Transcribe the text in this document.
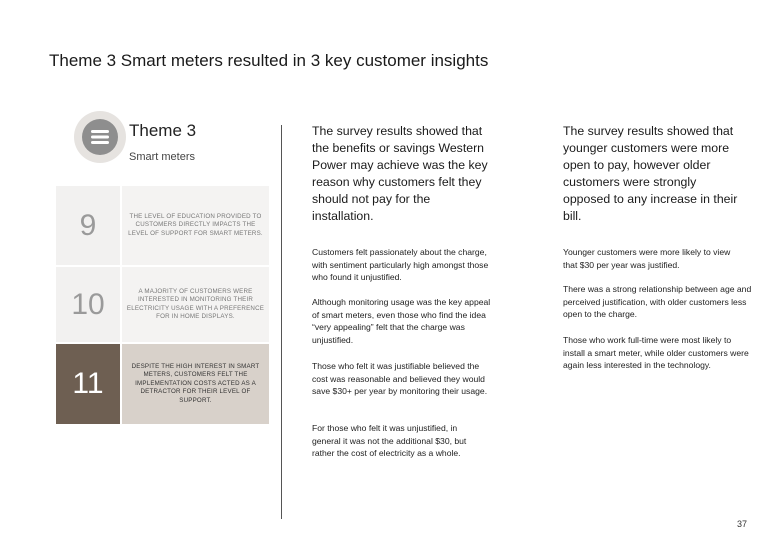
Theme 3 Smart meters resulted in 3 key customer insights
Theme 3
Smart meters
9	THE LEVEL OF EDUCATION PROVIDED TO CUSTOMERS DIRECTLY IMPACTS THE LEVEL OF SUPPORT FOR SMART METERS.
10	A MAJORITY OF CUSTOMERS WERE INTERESTED IN MONITORING THEIR ELECTRICITY USAGE WITH A PREFERENCE FOR IN HOME DISPLAYS.
11
DESPITE THE HIGH INTEREST IN SMART METERS, CUSTOMERS FELT THE IMPLEMENTATION COSTS ACTED AS A DETRACTOR FOR THEIR LEVEL OF SUPPORT.
The survey results showed that the benefits or savings Western Power may achieve was the key reason why customers felt they should not pay for the installation.
Customers felt passionately about the charge, with sentiment particularly high amongst those who found it unjustified.
Although monitoring usage was the key appeal of smart meters, even those who find the idea “very appealing” felt that the charge was unjustified.
Those who felt it was justifiable believed the cost was reasonable and believed they would save $30+ per year by monitoring their usage.
For those who felt it was unjustified, in general it was not the additional $30, but rather the cost of electricity as a whole.
The survey results showed that younger customers were more open to pay, however older customers were strongly opposed to any increase in their bill.
Younger customers were more likely to view that $30 per year was justified.
There was a strong relationship between age and perceived justification, with older customers less open to the charge.
Those who work full-time were most likely to install a smart meter, while older customers were again less interested in the technology.
37
